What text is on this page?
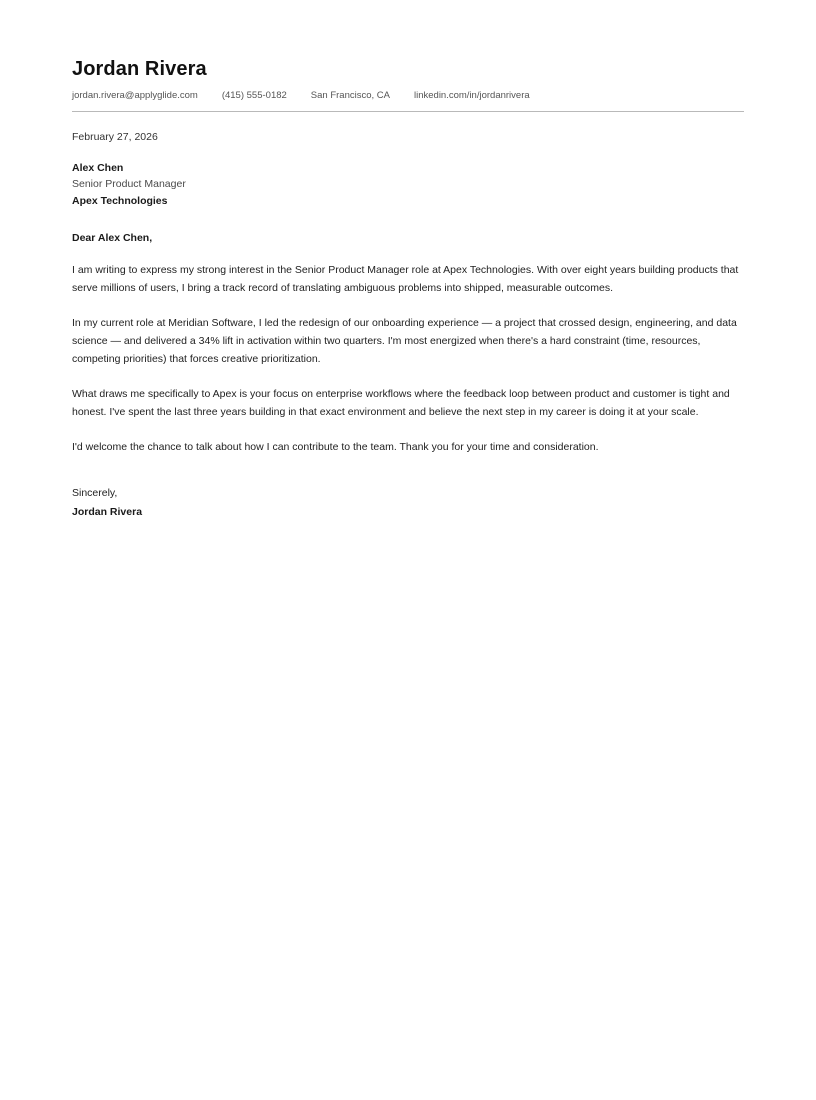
Jordan Rivera
jordan.rivera@applyglide.com	(415) 555-0182	San Francisco, CA	linkedin.com/in/jordanrivera
February 27, 2026
Alex Chen
Senior Product Manager
Apex Technologies
Dear Alex Chen,

I am writing to express my strong interest in the Senior Product Manager role at Apex Technologies. With over eight years building products that serve millions of users, I bring a track record of translating ambiguous problems into shipped, measurable outcomes.

In my current role at Meridian Software, I led the redesign of our onboarding experience — a project that crossed design, engineering, and data science — and delivered a 34% lift in activation within two quarters. I'm most energized when there's a hard constraint (time, resources, competing priorities) that forces creative prioritization.

What draws me specifically to Apex is your focus on enterprise workflows where the feedback loop between product and customer is tight and honest. I've spent the last three years building in that exact environment and believe the next step in my career is doing it at your scale.

I'd welcome the chance to talk about how I can contribute to the team. Thank you for your time and consideration.

Sincerely,
Jordan Rivera
